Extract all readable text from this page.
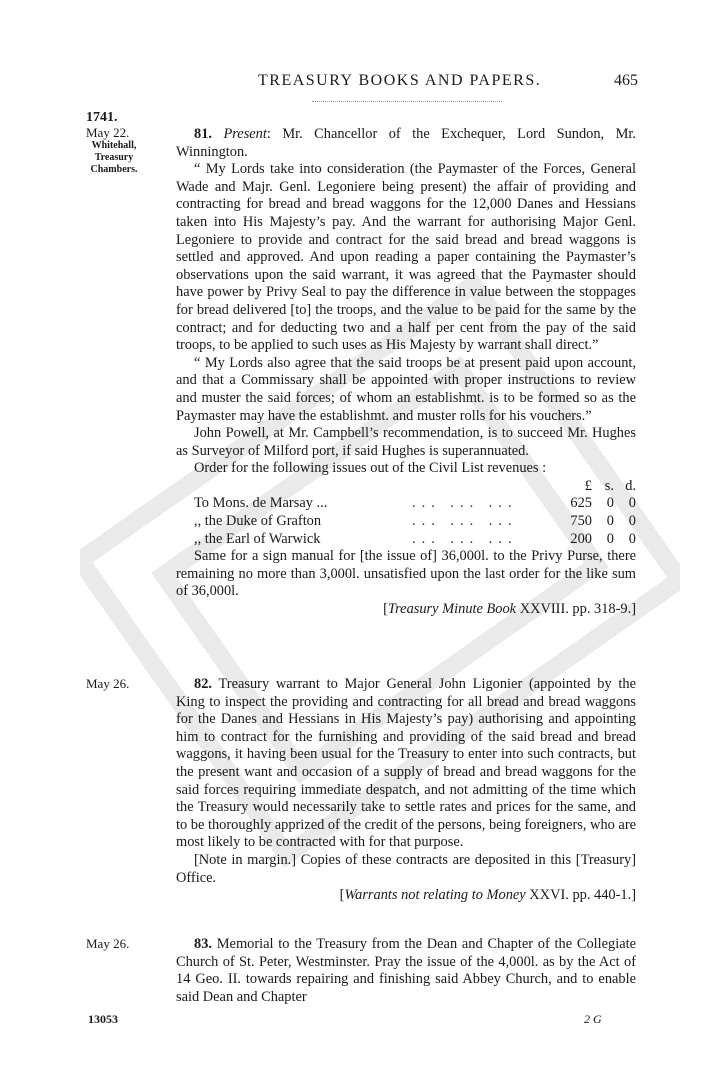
TREASURY BOOKS AND PAPERS.	465
1741.
May 22.
Whitehall,
Treasury
Chambers.

81. Present: Mr. Chancellor of the Exchequer, Lord Sundon, Mr. Winnington.

“ My Lords take into consideration (the Paymaster of the Forces, General Wade and Majr. Genl. Legoniere being present) the affair of providing and contracting for bread and bread waggons for the 12,000 Danes and Hessians taken into His Majesty’s pay. And the warrant for authorising Major Genl. Legoniere to provide and contract for the said bread and bread waggons is settled and approved. And upon reading a paper containing the Paymaster’s observations upon the said warrant, it was agreed that the Paymaster should have power by Privy Seal to pay the difference in value between the stoppages for bread delivered [to] the troops, and the value to be paid for the same by the contract; and for deducting two and a half per cent from the pay of the said troops, to be applied to such uses as His Majesty by warrant shall direct.”

“ My Lords also agree that the said troops be at present paid upon account, and that a Commissary shall be appointed with proper instructions to review and muster the said forces; of whom an establishmt. is to be formed so as the Paymaster may have the establishmt. and muster rolls for his vouchers.”

John Powell, at Mr. Campbell’s recommendation, is to succeed Mr. Hughes as Surveyor of Milford port, if said Hughes is superannuated.

Order for the following issues out of the Civil List revenues :

		£	s.	d.
To Mons. de Marsay ...	... ... ...	625	0	0
,, the Duke of Grafton	... ... ...	750	0	0
,, the Earl of Warwick	... ... ...	200	0	0

Same for a sign manual for [the issue of] 36,000l. to the Privy Purse, there remaining no more than 3,000l. unsatisfied upon the last order for the like sum of 36,000l.

[Treasury Minute Book XXVIII. pp. 318-9.]

May 26.	82. Treasury warrant to Major General John Ligonier (appointed by the King to inspect the providing and contracting for all bread and bread waggons for the Danes and Hessians in His Majesty’s pay) authorising and appointing him to contract for the furnishing and providing of the said bread and bread waggons, it having been usual for the Treasury to enter into such contracts, but the present want and occasion of a supply of bread and bread waggons for the said forces requiring immediate despatch, and not admitting of the time which the Treasury would necessarily take to settle rates and prices for the same, and to be thoroughly apprized of the credit of the persons, being foreigners, who are most likely to be contracted with for that purpose.

[Note in margin.] Copies of these contracts are deposited in this [Treasury] Office.

[Warrants not relating to Money XXVI. pp. 440-1.]

May 26.	83. Memorial to the Treasury from the Dean and Chapter of the Collegiate Church of St. Peter, Westminster. Pray the issue of the 4,000l. as by the Act of 14 Geo. II. towards repairing and finishing said Abbey Church, and to enable said Dean and Chapter

13053	2 G
